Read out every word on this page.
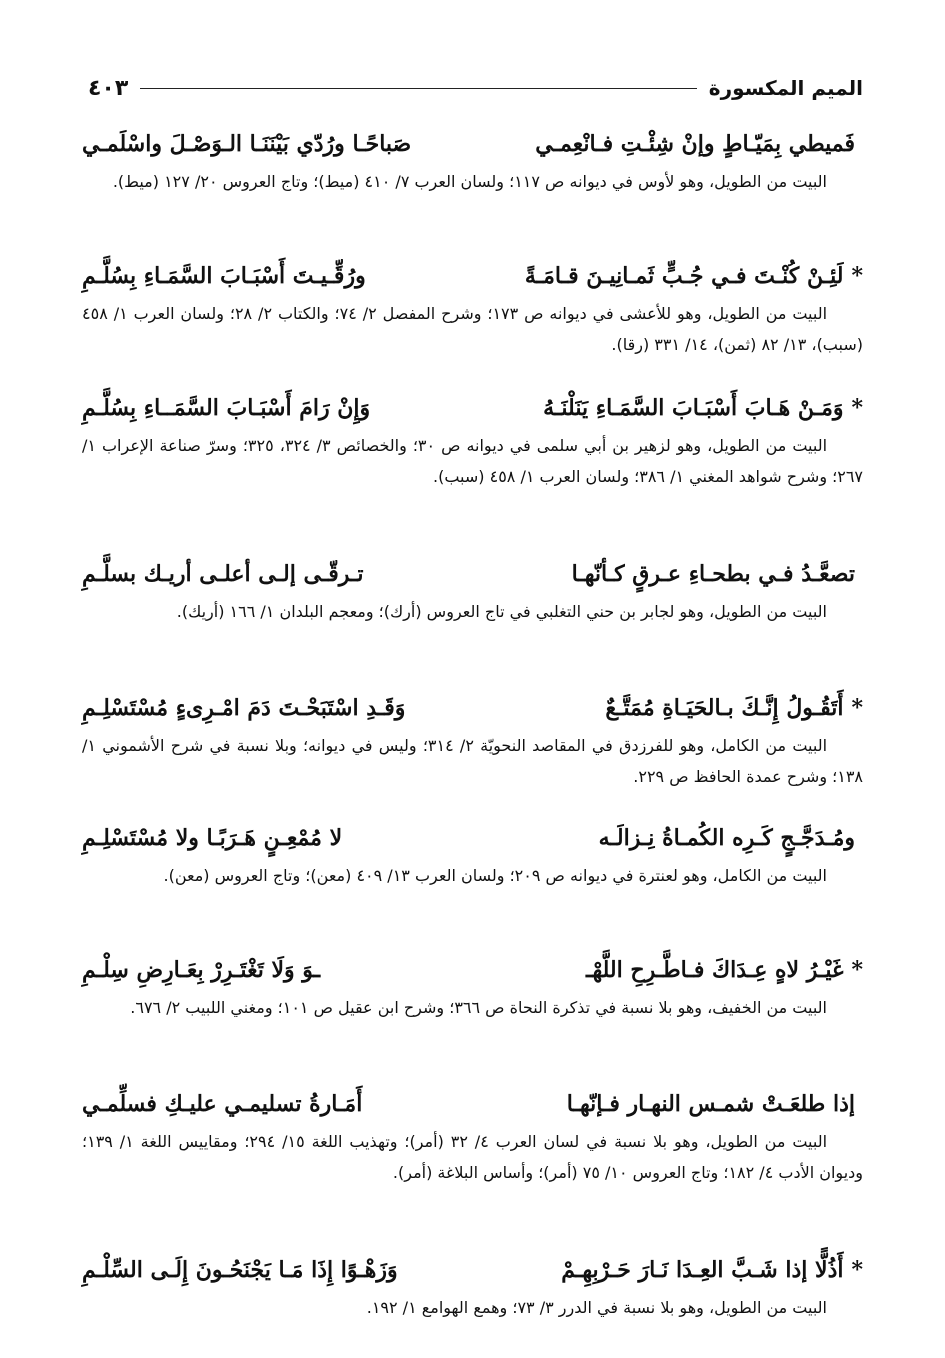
الميم المكسورة
٤٠٣
فَميطي بِمَيّـاطٍ وإنْ شِئْـتِ فـانْعِمـي
صَباحًـا ورُدّي بَيْنَنَـا الـوَصْـلَ واسْلَمـي
البيت من الطويل، وهو لأوس في ديوانه ص ١١٧؛ ولسان العرب ٧/ ٤١٠ (ميط)؛ وتاج العروس ٢٠/ ١٢٧ (ميط).
*
لَئِـنْ كُنْـتَ فـي جُـبٍّ ثَمـانِيـنَ قـامَـةً
ورُقِّـيـتَ أَسْبَـابَ السَّمَـاءِ بِسُلَّـمِ
البيت من الطويل، وهو للأعشى في ديوانه ص ١٧٣؛ وشرح المفصل ٢/ ٧٤؛ والكتاب ٢/ ٢٨؛ ولسان العرب ١/ ٤٥٨ (سبب)، ١٣/ ٨٢ (ثمن)، ١٤/ ٣٣١ (رقا).
*
وَمَـنْ هَـابَ أَسْبَـابَ السَّمَـاءِ يَنَلْنَـهُ
وَإِنْ رَامَ أَسْبَـابَ السَّمَــاءِ بِسُلَّـمِ
البيت من الطويل، وهو لزهير بن أبي سلمى في ديوانه ص ٣٠؛ والخصائص ٣/ ٣٢٤، ٣٢٥؛ وسرّ صناعة الإعراب ١/ ٢٦٧؛ وشرح شواهد المغني ١/ ٣٨٦؛ ولسان العرب ١/ ٤٥٨ (سبب).
تصعَّـدُ فـي بطحـاءِ عـرقٍ كـأنّهـا
تـرقّـى إلـى أعلـى أريـك بسلَّـمِ
البيت من الطويل، وهو لجابر بن حني التغلبي في تاج العروس (أرك)؛ ومعجم البلدان ١/ ١٦٦ (أريك).
*
أَتَقُـولُ إِنَّـكَ بـالحَيَـاةِ مُمَتَّـعٌ
وَقَـدِ اسْتَبَحْـتَ دَمَ امْـرِىءٍ مُسْتَسْلِـمِ
البيت من الكامل، وهو للفرزدق في المقاصد النحويّة ٢/ ٣١٤؛ وليس في ديوانه؛ وبلا نسبة في شرح الأشموني ١/ ١٣٨؛ وشرح عمدة الحافظ ص ٢٢٩.
ومُـدَجَّـجٍ كَـرِه الكُمـاةُ نِـزالَـه
لا مُمْعِـنٍ هَـرَبًـا ولا مُسْتَسْلِـمِ
البيت من الكامل، وهو لعنترة في ديوانه ص ٢٠٩؛ ولسان العرب ١٣/ ٤٠٩ (معن)؛ وتاج العروس (معن).
*
غَيْـرُ لاهٍ عِـدَاكَ فـاطَّـرِحِ اللَّهْـ
ـوَ وَلَا تَغْتَـرِرْ بِعَـارِضِ سِلْـمِ
البيت من الخفيف، وهو بلا نسبة في تذكرة النحاة ص ٣٦٦؛ وشرح ابن عقيل ص ١٠١؛ ومغني اللبيب ٢/ ٦٧٦.
إذا طلعَـتْ شمـس النهـار فـإنّهـا
أَمَـارةُ تسليمـي عليـكِ فسلِّمـي
البيت من الطويل، وهو بلا نسبة في لسان العرب ٤/ ٣٢ (أمر)؛ وتهذيب اللغة ١٥/ ٢٩٤؛ ومقاييس اللغة ١/ ١٣٩؛ وديوان الأدب ٤/ ١٨٢؛ وتاج العروس ١٠/ ٧٥ (أمر)؛ وأساس البلاغة (أمر).
*
أَذُلًّا إذا شَـبَّ العِـدَا نَـارَ حَـرْبِهِـمْ
وَزَهْـوًا إِذَا مَـا يَجْنَحُـونَ إِلَـى السِّلْـمِ
البيت من الطويل، وهو بلا نسبة في الدرر ٣/ ٧٣؛ وهمع الهوامع ١/ ١٩٢.
